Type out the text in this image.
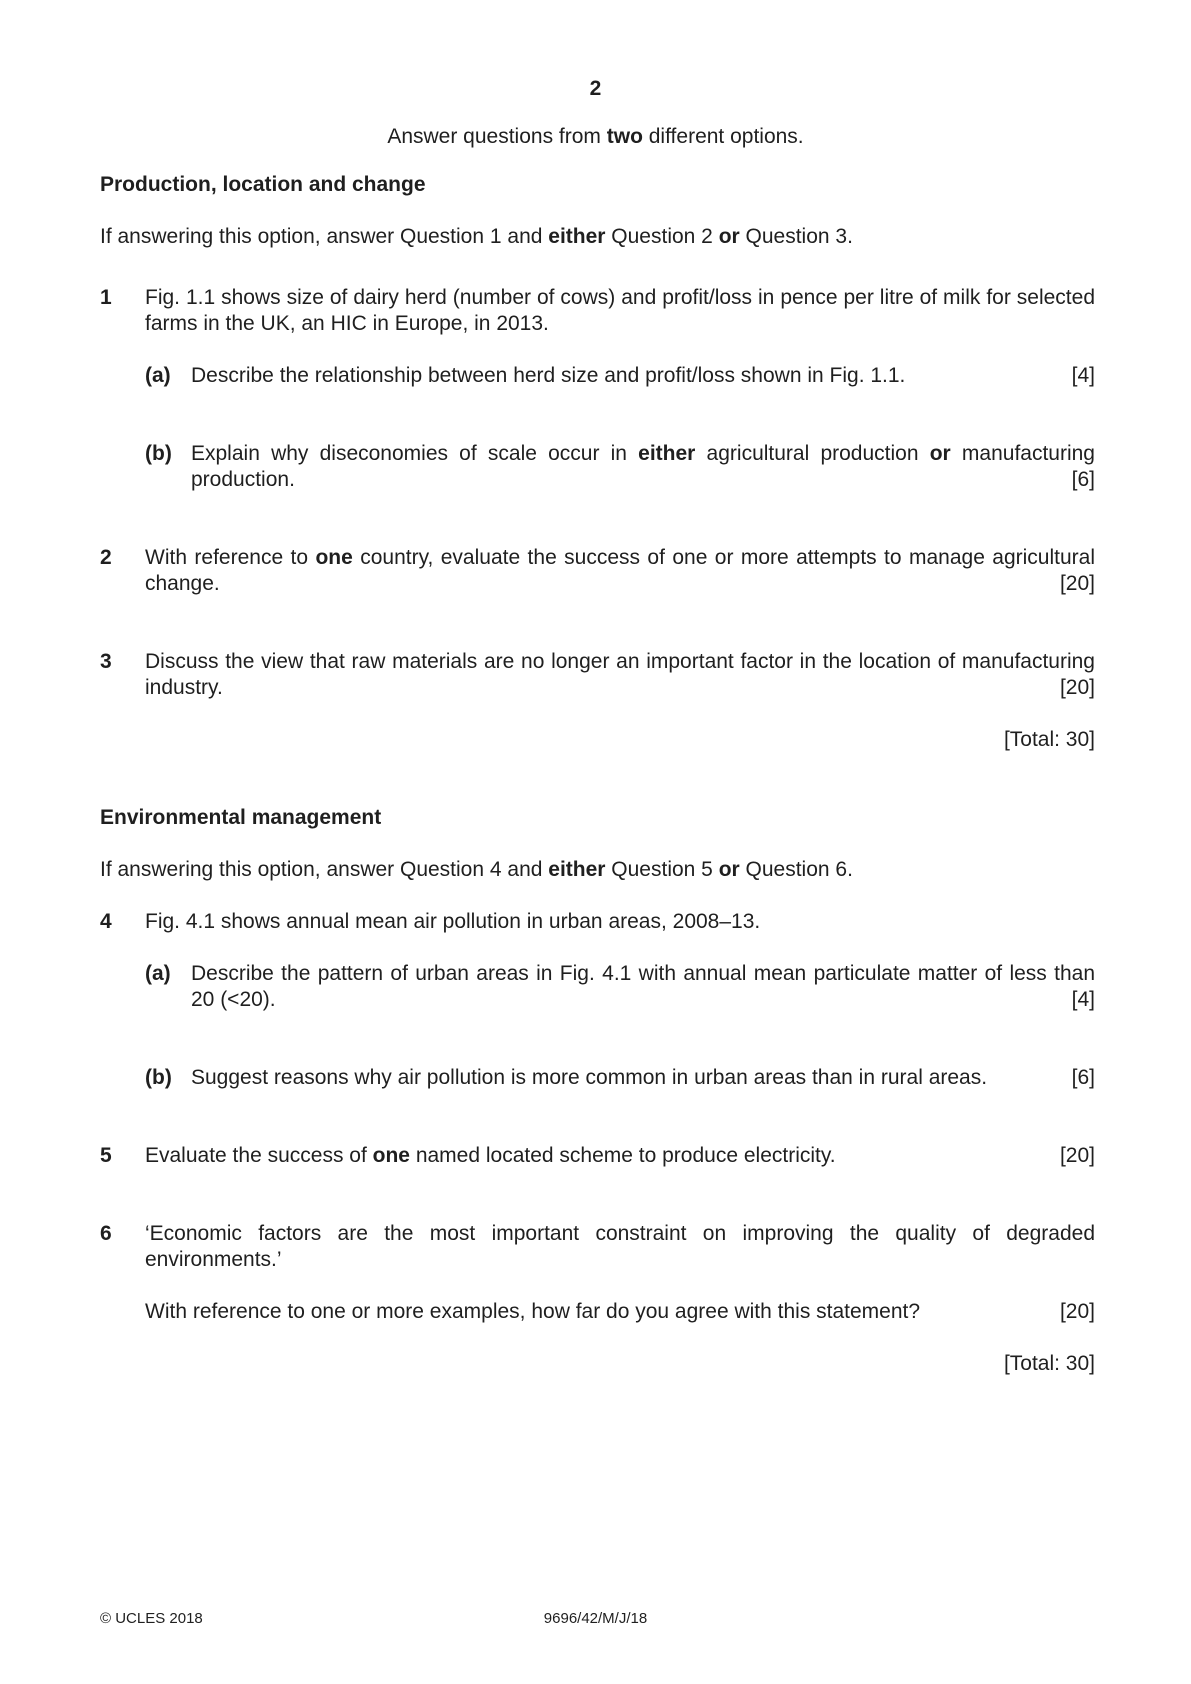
2
Answer questions from two different options.
Production, location and change
If answering this option, answer Question 1 and either Question 2 or Question 3.
1 Fig. 1.1 shows size of dairy herd (number of cows) and profit/loss in pence per litre of milk for selected farms in the UK, an HIC in Europe, in 2013.
(a) Describe the relationship between herd size and profit/loss shown in Fig. 1.1.	[4]
(b) Explain why diseconomies of scale occur in either agricultural production or manufacturing production.	[6]
2 With reference to one country, evaluate the success of one or more attempts to manage agricultural change.	[20]
3 Discuss the view that raw materials are no longer an important factor in the location of manufacturing industry.	[20]
[Total: 30]
Environmental management
If answering this option, answer Question 4 and either Question 5 or Question 6.
4 Fig. 4.1 shows annual mean air pollution in urban areas, 2008–13.
(a) Describe the pattern of urban areas in Fig. 4.1 with annual mean particulate matter of less than 20 (<20).	[4]
(b) Suggest reasons why air pollution is more common in urban areas than in rural areas.	[6]
5 Evaluate the success of one named located scheme to produce electricity.	[20]
6 ‘Economic factors are the most important constraint on improving the quality of degraded environments.’
With reference to one or more examples, how far do you agree with this statement?	[20]
[Total: 30]
© UCLES 2018	9696/42/M/J/18
